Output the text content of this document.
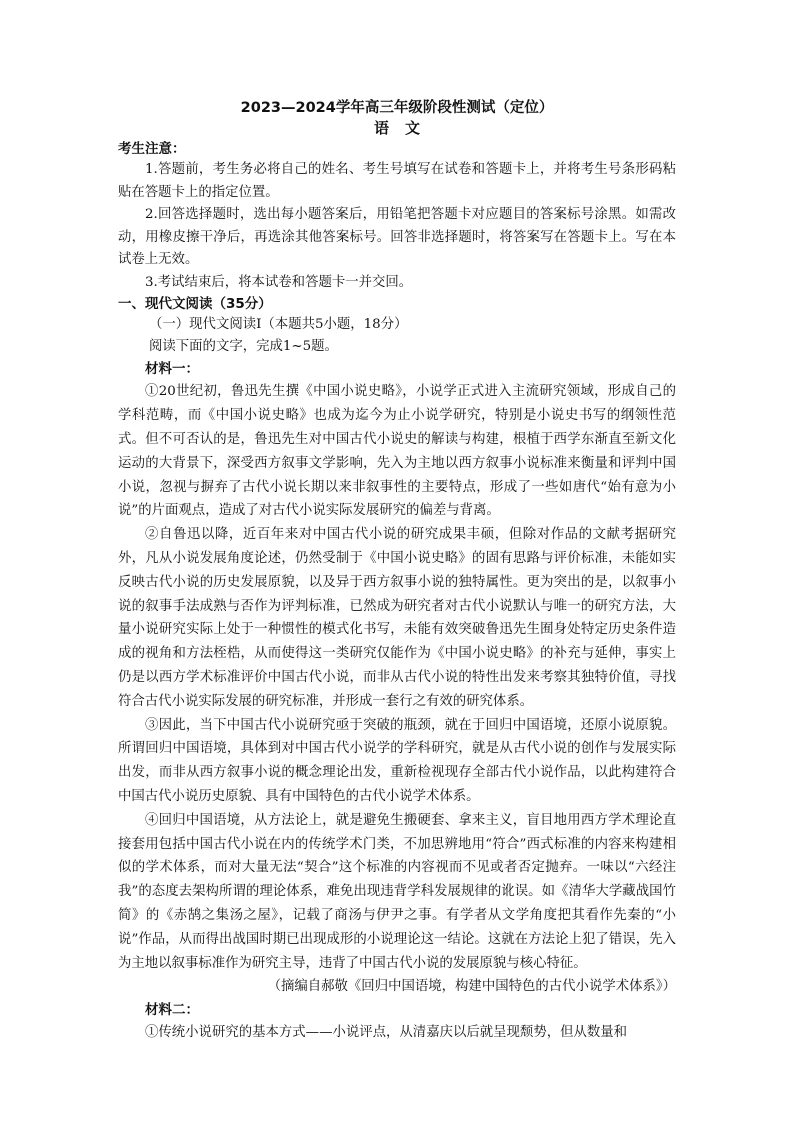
2023—2024学年高三年级阶段性测试（定位）
语文
考生注意：

1.答题前，考生务必将自己的姓名、考生号填写在试卷和答题卡上，并将考生号条形码粘贴在答题卡上的指定位置。

2.回答选择题时，选出每小题答案后，用铅笔把答题卡对应题目的答案标号涂黑。如需改动，用橡皮擦干净后，再选涂其他答案标号。回答非选择题时，将答案写在答题卡上。写在本试卷上无效。

3.考试结束后，将本试卷和答题卡一并交回。

一、现代文阅读（35分）

（一）现代文阅读Ⅰ（本题共5小题，18分）

阅读下面的文字，完成1~5题。

材料一：

①20世纪初，鲁迅先生撰《中国小说史略》，小说学正式进入主流研究领域，形成自己的学科范畴，而《中国小说史略》也成为迄今为止小说学研究，特别是小说史书写的纲领性范式。但不可否认的是，鲁迅先生对中国古代小说史的解读与构建，根植于西学东渐直至新文化运动的大背景下，深受西方叙事文学影响，先入为主地以西方叙事小说标准来衡量和评判中国小说，忽视与摒弃了古代小说长期以来非叙事性的主要特点，形成了一些如唐代“始有意为小说”的片面观点，造成了对古代小说实际发展研究的偏差与背离。

②自鲁迅以降，近百年来对中国古代小说的研究成果丰硕，但除对作品的文献考据研究外，凡从小说发展角度论述，仍然受制于《中国小说史略》的固有思路与评价标准，未能如实反映古代小说的历史发展原貌，以及异于西方叙事小说的独特属性。更为突出的是，以叙事小说的叙事手法成熟与否作为评判标准，已然成为研究者对古代小说默认与唯一的研究方法，大量小说研究实际上处于一种惯性的模式化书写，未能有效突破鲁迅先生囿身处特定历史条件造成的视角和方法桎梏，从而使得这一类研究仅能作为《中国小说史略》的补充与延伸，事实上仍是以西方学术标准评价中国古代小说，而非从古代小说的特性出发来考察其独特价值，寻找符合古代小说实际发展的研究标准，并形成一套行之有效的研究体系。

③因此，当下中国古代小说研究亟于突破的瓶颈，就在于回归中国语境，还原小说原貌。所谓回归中国语境，具体到对中国古代小说学的学科研究，就是从古代小说的创作与发展实际出发，而非从西方叙事小说的概念理论出发，重新检视现存全部古代小说作品，以此构建符合中国古代小说历史原貌、具有中国特色的古代小说学术体系。

④回归中国语境，从方法论上，就是避免生搬硬套、拿来主义，盲目地用西方学术理论直接套用包括中国古代小说在内的传统学术门类，不加思辨地用“符合”西式标准的内容来构建相似的学术体系，而对大量无法“契合”这个标准的内容视而不见或者否定抛弃。一味以“六经注我”的态度去架构所谓的理论体系，难免出现违背学科发展规律的讹误。如《清华大学藏战国竹简》的《赤鹄之集汤之屋》，记载了商汤与伊尹之事。有学者从文学角度把其看作先秦的“小说”作品，从而得出战国时期已出现成形的小说理论这一结论。这就在方法论上犯了错误，先入为主地以叙事标准作为研究主导，违背了中国古代小说的发展原貌与核心特征。

（摘编自郝敬《回归中国语境，构建中国特色的古代小说学术体系》）

材料二：

①传统小说研究的基本方式——小说评点，从清嘉庆以后就呈现颓势，但从数量和
